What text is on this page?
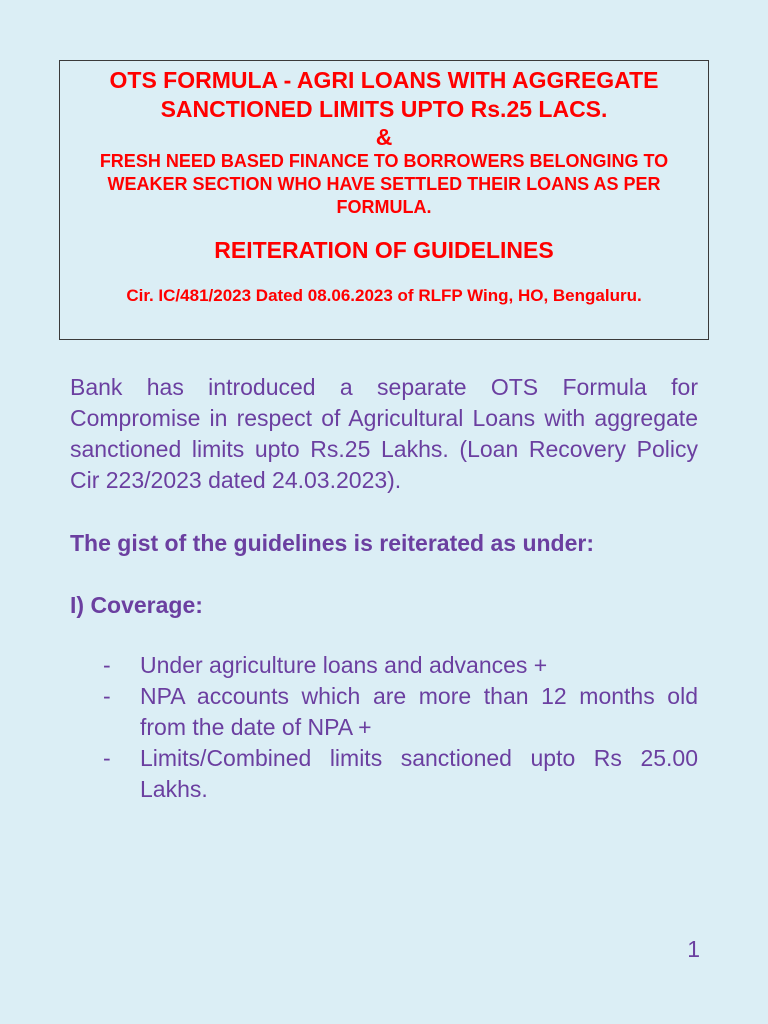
OTS FORMULA - AGRI LOANS WITH AGGREGATE SANCTIONED LIMITS UPTO Rs.25 LACS.
&
FRESH NEED BASED FINANCE TO BORROWERS BELONGING TO WEAKER SECTION WHO HAVE SETTLED THEIR LOANS AS PER FORMULA.
REITERATION OF GUIDELINES
Cir. IC/481/2023 Dated 08.06.2023 of RLFP Wing, HO, Bengaluru.
Bank has introduced a separate OTS Formula for Compromise in respect of Agricultural Loans with aggregate sanctioned limits upto Rs.25 Lakhs. (Loan Recovery Policy Cir 223/2023 dated 24.03.2023).
The gist of the guidelines is reiterated as under:
I) Coverage:
- Under agriculture loans and advances +
- NPA accounts which are more than 12 months old from the date of NPA +
- Limits/Combined limits sanctioned upto Rs 25.00 Lakhs.
1
